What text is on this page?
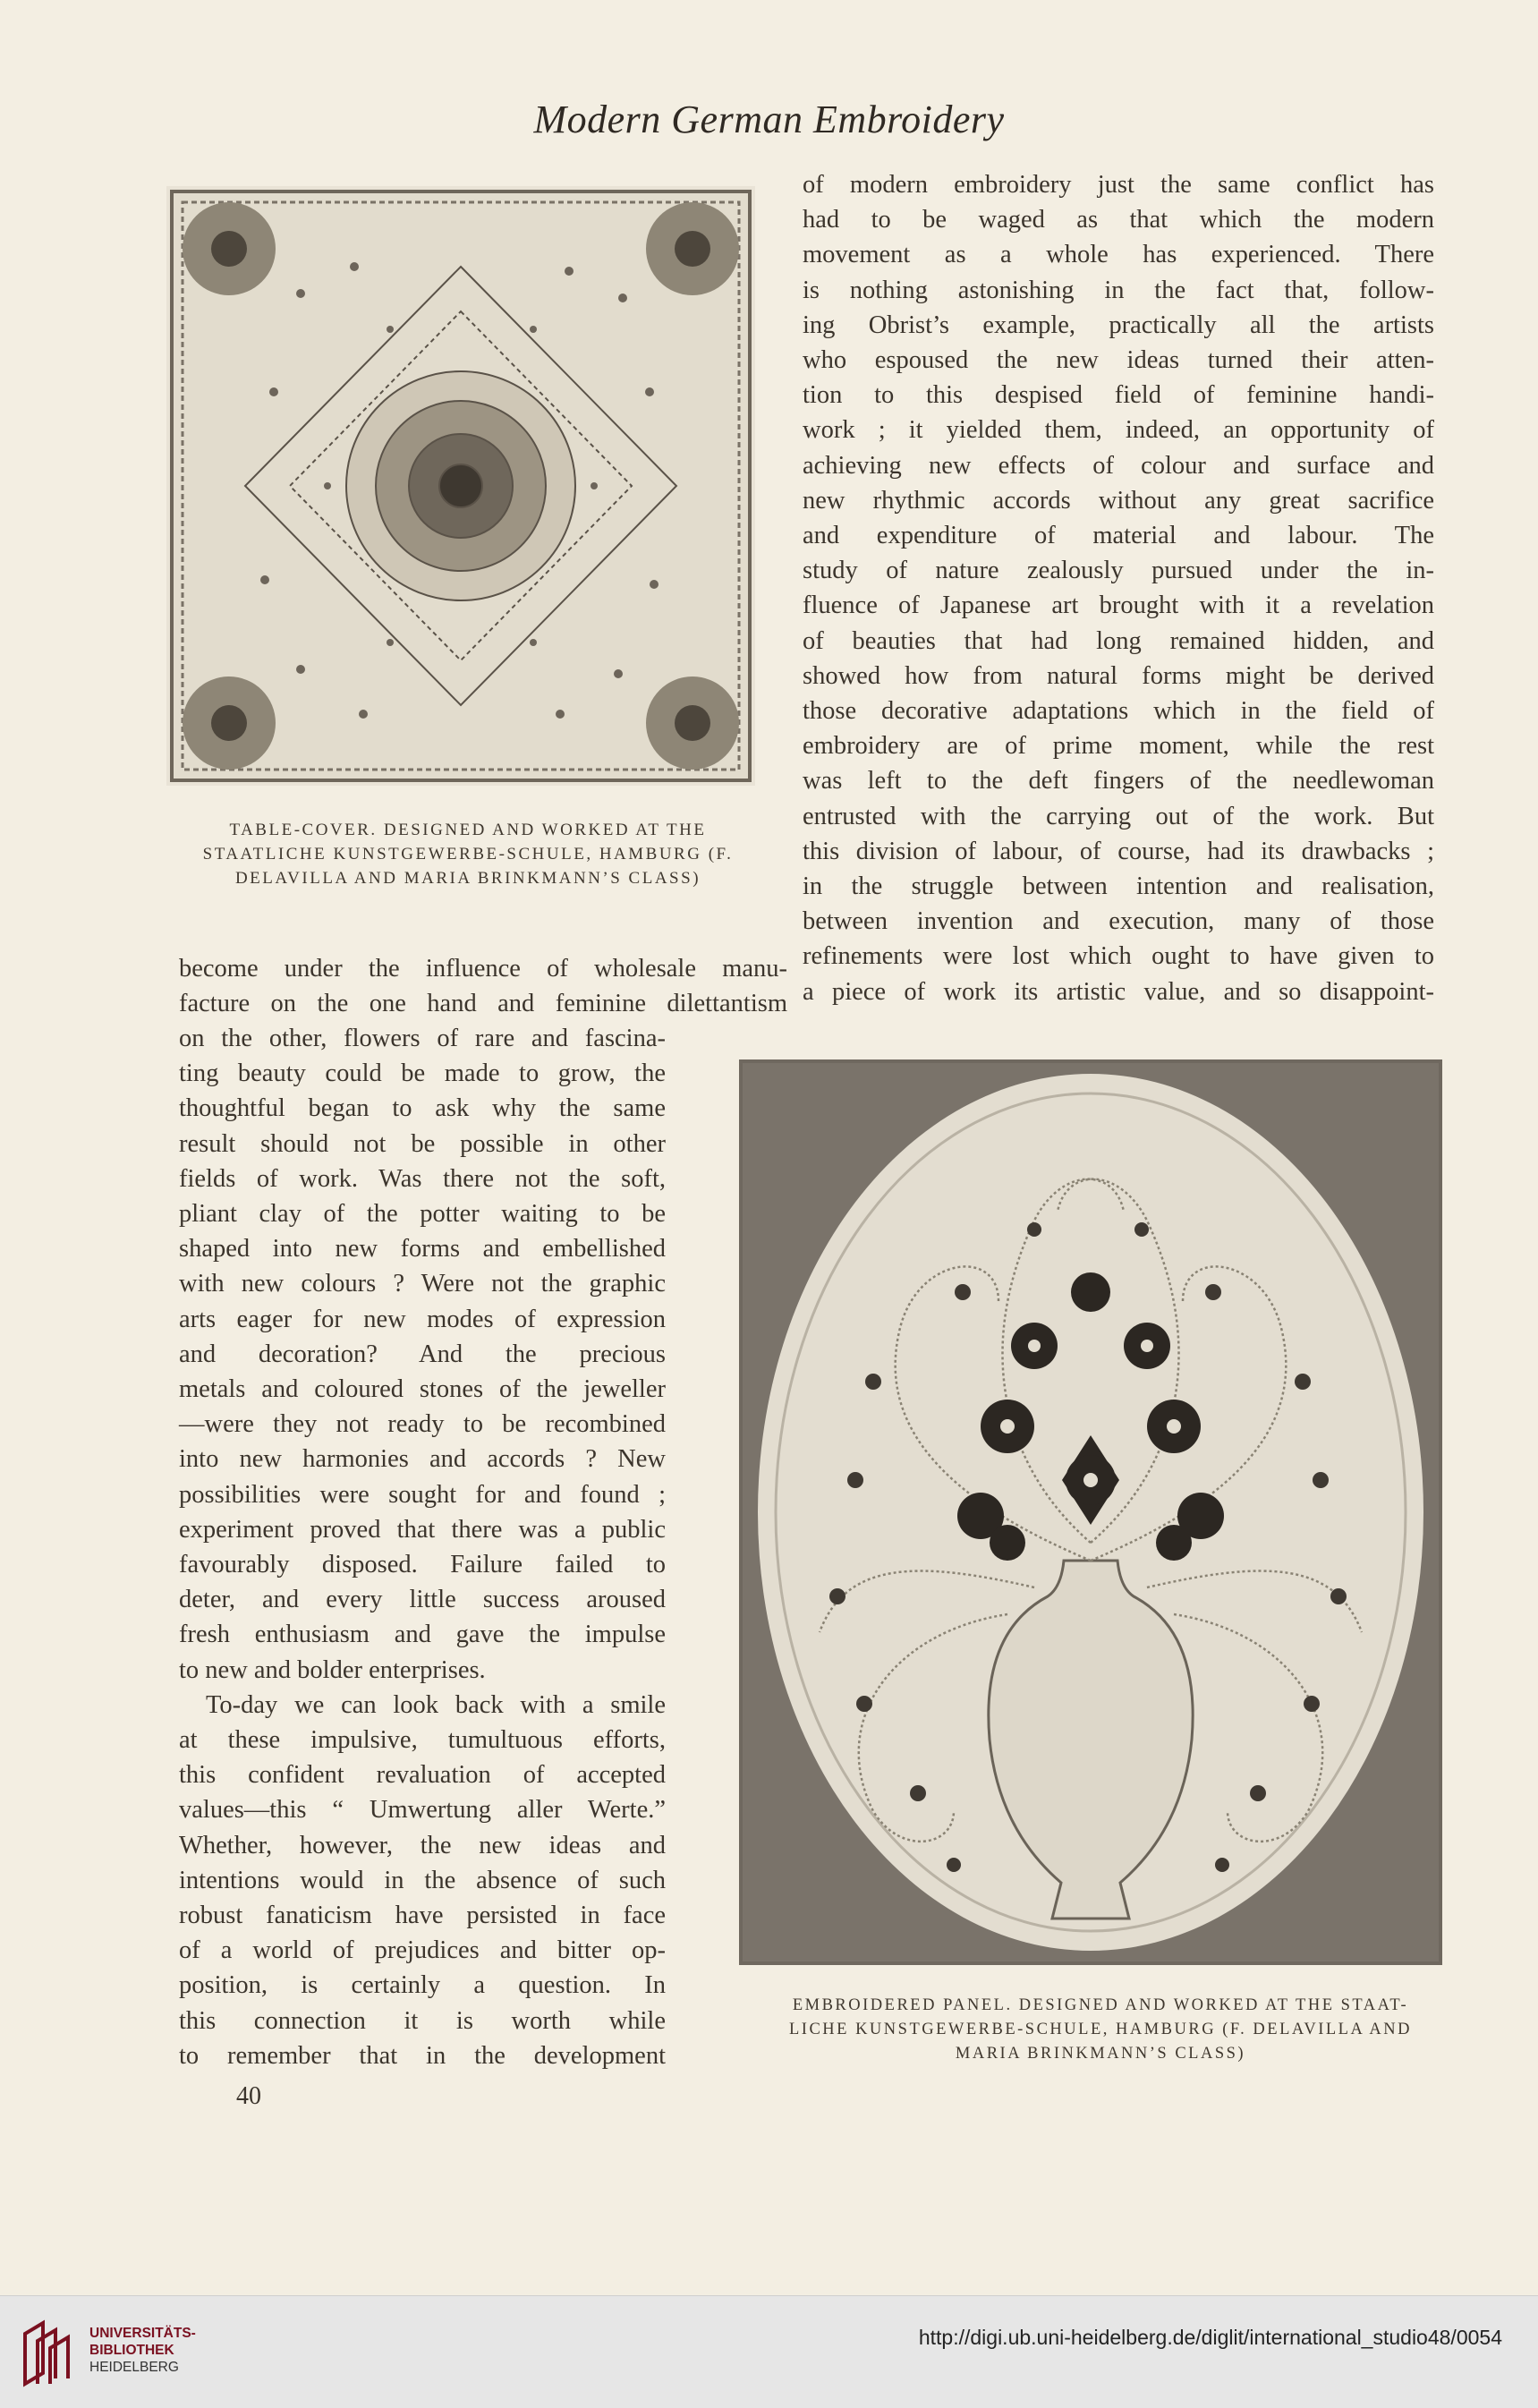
Modern German Embroidery
TABLE-COVER. DESIGNED AND WORKED AT THE
STAATLICHE KUNSTGEWERBE-SCHULE, HAMBURG (F.
DELAVILLA AND MARIA BRINKMANN’S CLASS)
of modern embroidery just the same conflict has
had to be waged as that which the modern
movement as a whole has experienced. There
is nothing astonishing in the fact that, follow-
ing Obrist’s example, practically all the artists
who espoused the new ideas turned their atten-
tion to this despised field of feminine handi-
work ; it yielded them, indeed, an opportunity of
achieving new effects of colour and surface and
new rhythmic accords without any great sacrifice
and expenditure of material and labour. The
study of nature zealously pursued under the in-
fluence of Japanese art brought with it a revelation
of beauties that had long remained hidden, and
showed how from natural forms might be derived
those decorative adaptations which in the field of
embroidery are of prime moment, while the rest
was left to the deft fingers of the needlewoman
entrusted with the carrying out of the work. But
this division of labour, of course, had its drawbacks ;
in the struggle between intention and realisation,
between invention and execution, many of those
refinements were lost which ought to have given to
a piece of work its artistic value, and so disappoint-
become under the influence of wholesale manu-
facture on the one hand and feminine dilettantism
on the other, flowers of rare and fascina-
ting beauty could be made to grow, the
thoughtful began to ask why the same
result should not be possible in other
fields of work. Was there not the soft,
pliant clay of the potter waiting to be
shaped into new forms and embellished
with new colours ? Were not the graphic
arts eager for new modes of expression
and decoration? And the precious
metals and coloured stones of the jeweller
—were they not ready to be recombined
into new harmonies and accords ? New
possibilities were sought for and found ;
experiment proved that there was a public
favourably disposed. Failure failed to
deter, and every little success aroused
fresh enthusiasm and gave the impulse
to new and bolder enterprises.
To-day we can look back with a smile
at these impulsive, tumultuous efforts,
this confident revaluation of accepted
values—this “ Umwertung aller Werte.”
Whether, however, the new ideas and
intentions would in the absence of such
robust fanaticism have persisted in face
of a world of prejudices and bitter op-
position, is certainly a question. In
this connection it is worth while
to remember that in the development
EMBROIDERED PANEL. DESIGNED AND WORKED AT THE STAAT-
LICHE KUNSTGEWERBE-SCHULE, HAMBURG (F. DELAVILLA AND
MARIA BRINKMANN’S CLASS)
40
UNIVERSITÄTS-
BIBLIOTHEK
HEIDELBERG
http://digi.ub.uni-heidelberg.de/diglit/international_studio48/0054
